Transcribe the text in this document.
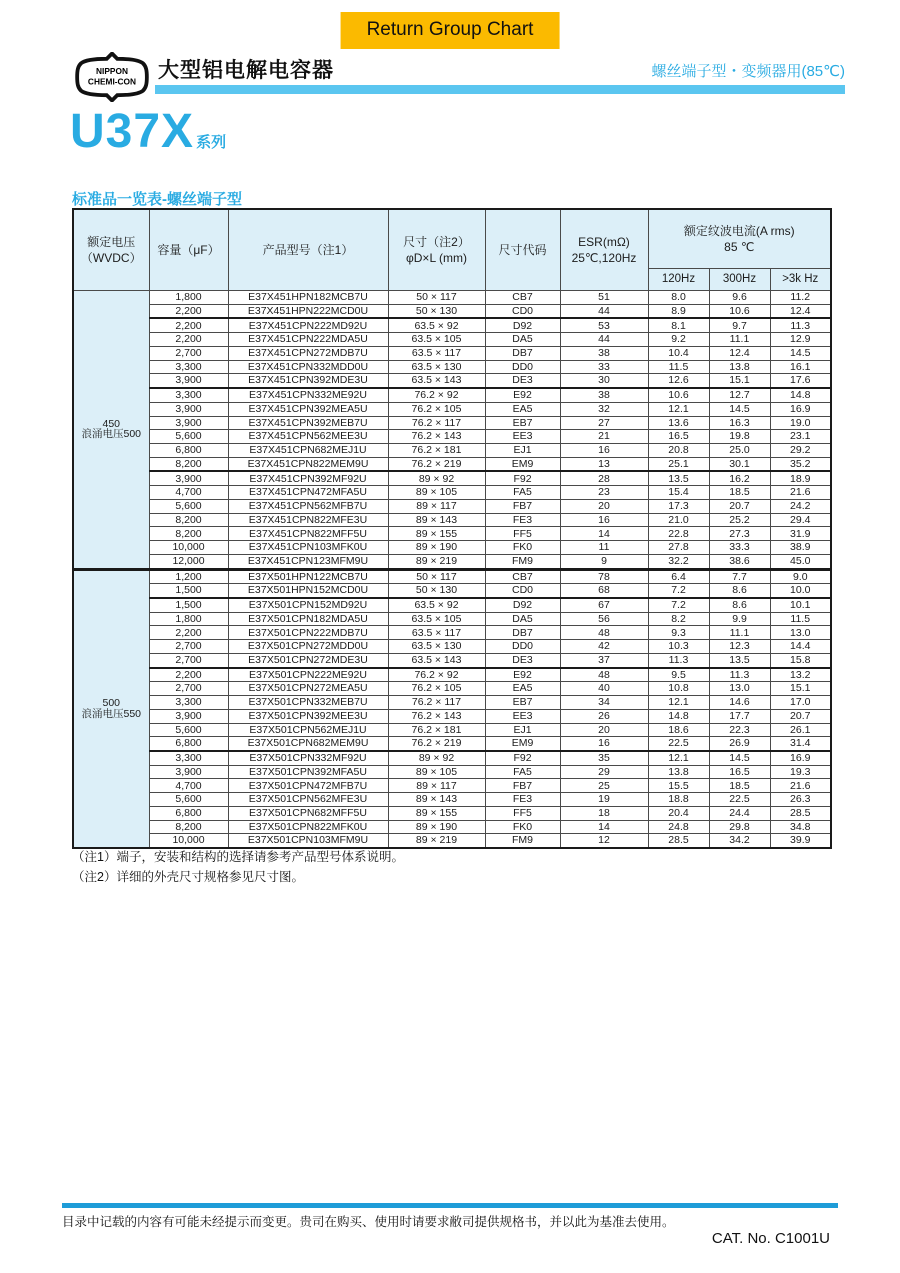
Return Group Chart
NIPPON
CHEMI-CON 大型铝电解电容器	螺丝端子型・变频器用(85℃)
U37X 系列
标准品一览表-螺丝端子型
额定电压
（WVDC）
	容量（μF）	产品型号（注1）	
尺寸（注2）
φD×L (mm)
	尺寸代码	
ESR(mΩ)
25℃,120Hz

额定纹波电流(A rms)
85 ℃

						120Hz	300Hz	>3k Hz

450
浪涌电压500	1,800	E37X451HPN182MCB7U	50 × 117	CB7	51	8.0	9.6	11.2
	2,200	E37X451HPN222MCD0U	50 × 130	CD0	44	8.9	10.6	12.4
	2,200	E37X451CPN222MD92U	63.5 × 92	D92	53	8.1	9.7	11.3
	2,200	E37X451CPN222MDA5U	63.5 × 105	DA5	44	9.2	11.1	12.9
	2,700	E37X451CPN272MDB7U	63.5 × 117	DB7	38	10.4	12.4	14.5
	3,300	E37X451CPN332MDD0U	63.5 × 130	DD0	33	11.5	13.8	16.1
	3,900	E37X451CPN392MDE3U	63.5 × 143	DE3	30	12.6	15.1	17.6
	3,300	E37X451CPN332ME92U	76.2 × 92	E92	38	10.6	12.7	14.8
	3,900	E37X451CPN392MEA5U	76.2 × 105	EA5	32	12.1	14.5	16.9
	3,900	E37X451CPN392MEB7U	76.2 × 117	EB7	27	13.6	16.3	19.0
	5,600	E37X451CPN562MEE3U	76.2 × 143	EE3	21	16.5	19.8	23.1
	6,800	E37X451CPN682MEJ1U	76.2 × 181	EJ1	16	20.8	25.0	29.2
	8,200	E37X451CPN822MEM9U	76.2 × 219	EM9	13	25.1	30.1	35.2
	3,900	E37X451CPN392MF92U	89 × 92	F92	28	13.5	16.2	18.9
	4,700	E37X451CPN472MFA5U	89 × 105	FA5	23	15.4	18.5	21.6
	5,600	E37X451CPN562MFB7U	89 × 117	FB7	20	17.3	20.7	24.2
	8,200	E37X451CPN822MFE3U	89 × 143	FE3	16	21.0	25.2	29.4
	8,200	E37X451CPN822MFF5U	89 × 155	FF5	14	22.8	27.3	31.9
	10,000	E37X451CPN103MFK0U	89 × 190	FK0	11	27.8	33.3	38.9
	12,000	E37X451CPN123MFM9U	89 × 219	FM9	9	32.2	38.6	45.0

500
浪涌电压550	1,200	E37X501HPN122MCB7U	50 × 117	CB7	78	6.4	7.7	9.0
	1,500	E37X501HPN152MCD0U	50 × 130	CD0	68	7.2	8.6	10.0
	1,500	E37X501CPN152MD92U	63.5 × 92	D92	67	7.2	8.6	10.1
	1,800	E37X501CPN182MDA5U	63.5 × 105	DA5	56	8.2	9.9	11.5
	2,200	E37X501CPN222MDB7U	63.5 × 117	DB7	48	9.3	11.1	13.0
	2,700	E37X501CPN272MDD0U	63.5 × 130	DD0	42	10.3	12.3	14.4
	2,700	E37X501CPN272MDE3U	63.5 × 143	DE3	37	11.3	13.5	15.8
	2,200	E37X501CPN222ME92U	76.2 × 92	E92	48	9.5	11.3	13.2
	2,700	E37X501CPN272MEA5U	76.2 × 105	EA5	40	10.8	13.0	15.1
	3,300	E37X501CPN332MEB7U	76.2 × 117	EB7	34	12.1	14.6	17.0
	3,900	E37X501CPN392MEE3U	76.2 × 143	EE3	26	14.8	17.7	20.7
	5,600	E37X501CPN562MEJ1U	76.2 × 181	EJ1	20	18.6	22.3	26.1
	6,800	E37X501CPN682MEM9U	76.2 × 219	EM9	16	22.5	26.9	31.4
	3,300	E37X501CPN332MF92U	89 × 92	F92	35	12.1	14.5	16.9
	3,900	E37X501CPN392MFA5U	89 × 105	FA5	29	13.8	16.5	19.3
	4,700	E37X501CPN472MFB7U	89 × 117	FB7	25	15.5	18.5	21.6
	5,600	E37X501CPN562MFE3U	89 × 143	FE3	19	18.8	22.5	26.3
	6,800	E37X501CPN682MFF5U	89 × 155	FF5	18	20.4	24.4	28.5
	8,200	E37X501CPN822MFK0U	89 × 190	FK0	14	24.8	29.8	34.8
	10,000	E37X501CPN103MFM9U	89 × 219	FM9	12	28.5	34.2	39.9
（注1）端子，安装和结构的选择请参考产品型号体系说明。
（注2）详细的外壳尺寸规格参见尺寸图。
目录中记载的内容有可能未经提示而变更。贵司在购买、使用时请要求敝司提供规格书，并以此为基准去使用。
CAT. No. C1001U
